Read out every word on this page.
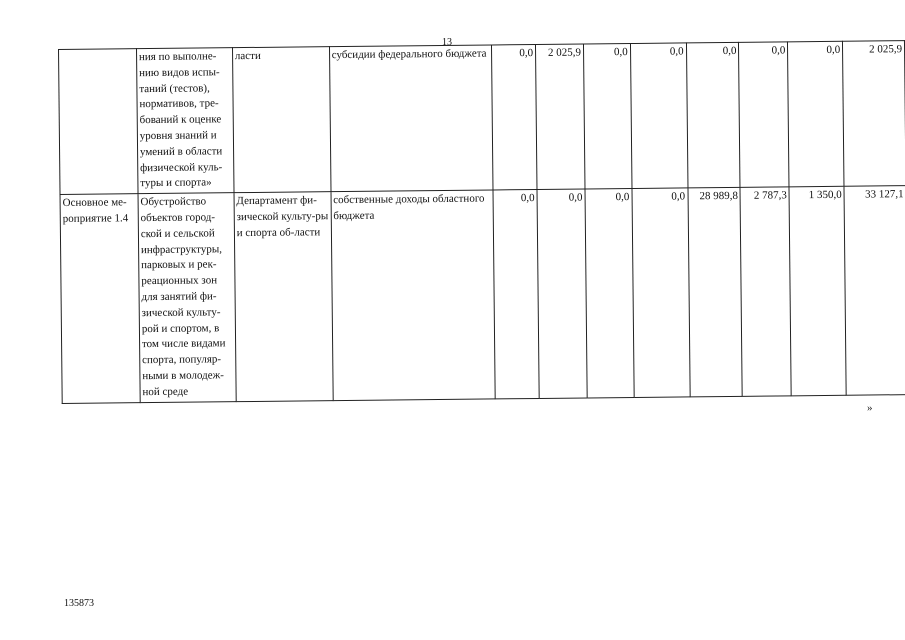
13
	ния по выполне-нию видов испы-таний (тестов), нормативов, тре-бований к оценке уровня знаний и умений в области физической куль-туры и спорта»	ласти	субсидии федерального бюджета	0,0	2 025,9	0,0	0,0	0,0	0,0	0,0	2 025,9
Основное ме-роприятие 1.4	Обустройство объектов город-ской и сельской инфраструктуры, парковых и рек-реационных зон для занятий фи-зической культу-рой и спортом, в том числе видами спорта, популяр-ными в молодеж-ной среде	Департамент фи-зической культу-ры и спорта об-ласти	собственные доходы областного бюджета	0,0	0,0	0,0	0,0	28 989,8	2 787,3	1 350,0	33 127,1
»
135873
